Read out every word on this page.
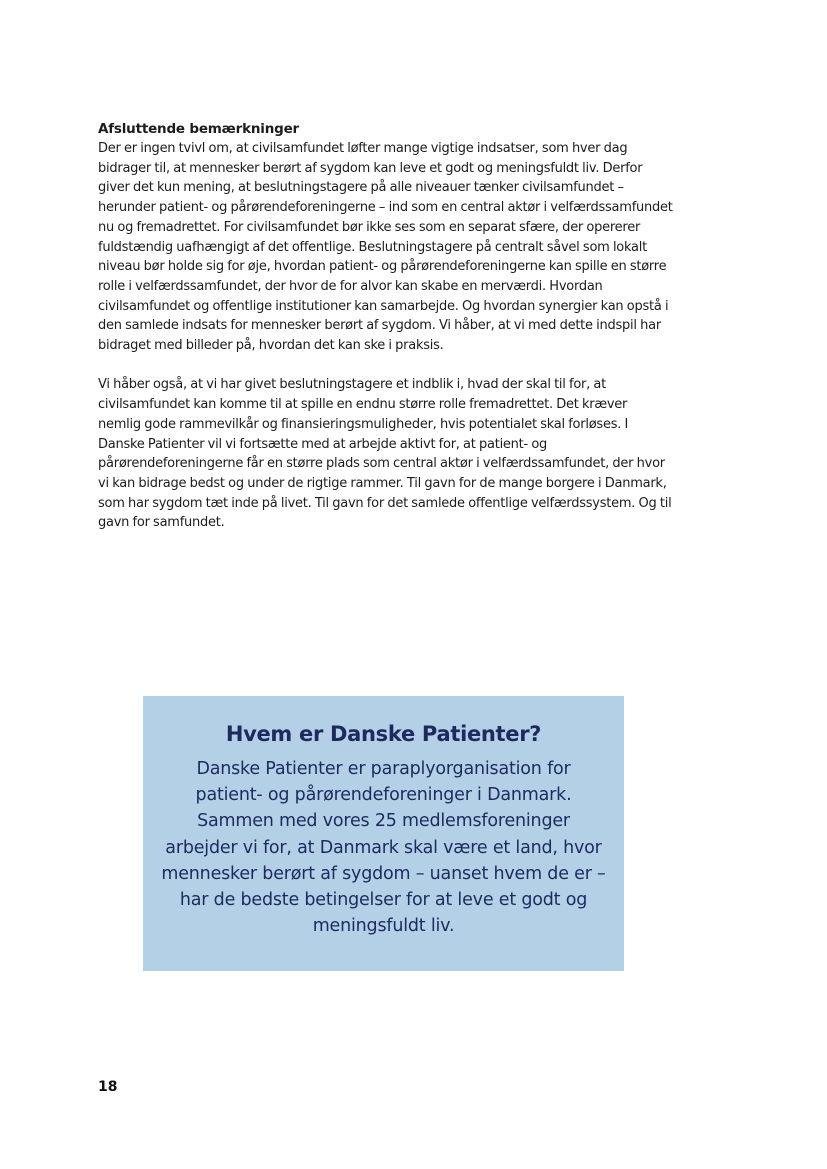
Afsluttende bemærkninger

Der er ingen tvivl om, at civilsamfundet løfter mange vigtige indsatser, som hver dag bidrager til, at mennesker berørt af sygdom kan leve et godt og meningsfuldt liv. Derfor giver det kun mening, at beslutningstagere på alle niveauer tænker civilsamfundet – herunder patient- og pårørendeforeningerne – ind som en central aktør i velfærdssamfundet nu og fremadrettet. For civilsamfundet bør ikke ses som en separat sfære, der opererer fuldstændig uafhængigt af det offentlige. Beslutningstagere på centralt såvel som lokalt niveau bør holde sig for øje, hvordan patient- og pårørendeforeningerne kan spille en større rolle i velfærdssamfundet, der hvor de for alvor kan skabe en merværdi. Hvordan civilsamfundet og offentlige institutioner kan samarbejde. Og hvordan synergier kan opstå i den samlede indsats for mennesker berørt af sygdom. Vi håber, at vi med dette indspil har bidraget med billeder på, hvordan det kan ske i praksis.

Vi håber også, at vi har givet beslutningstagere et indblik i, hvad der skal til for, at civilsamfundet kan komme til at spille en endnu større rolle fremadrettet. Det kræver nemlig gode rammevilkår og finansieringsmuligheder, hvis potentialet skal forløses. I Danske Patienter vil vi fortsætte med at arbejde aktivt for, at patient- og pårørendeforeningerne får en større plads som central aktør i velfærdssamfundet, der hvor vi kan bidrage bedst og under de rigtige rammer. Til gavn for de mange borgere i Danmark, som har sygdom tæt inde på livet. Til gavn for det samlede offentlige velfærdssystem. Og til gavn for samfundet.

Hvem er Danske Patienter?

Danske Patienter er paraplyorganisation for patient- og pårørendeforeninger i Danmark. Sammen med vores 25 medlemsforeninger arbejder vi for, at Danmark skal være et land, hvor mennesker berørt af sygdom – uanset hvem de er – har de bedste betingelser for at leve et godt og meningsfuldt liv.

18
